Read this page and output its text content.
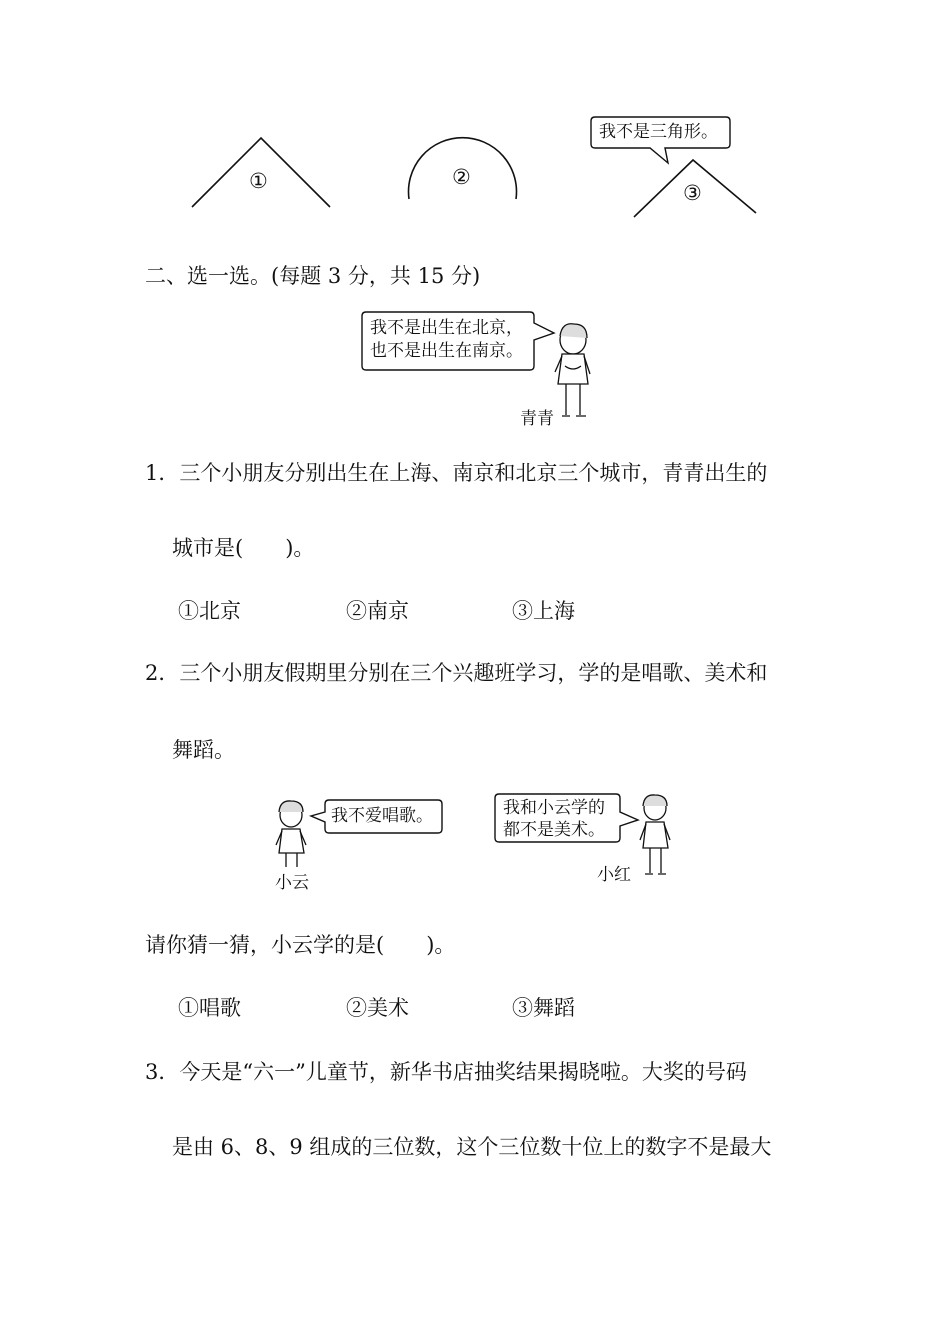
①	②
③
我不是三角形。
二、选一选。(每题 3 分，共 15 分)
我不是出生在北京，
也不是出生在南京。
青青
1．三个小朋友分别出生在上海、南京和北京三个城市，青青出生的
城市是(　　)。
①北京	②南京	③上海
2．三个小朋友假期里分别在三个兴趣班学习，学的是唱歌、美术和
舞蹈。
我不爱唱歌。
小云
我和小云学的
都不是美术。
小红
请你猜一猜，小云学的是(　　)。
①唱歌	②美术	③舞蹈
3．今天是“六一”儿童节，新华书店抽奖结果揭晓啦。大奖的号码
是由 6、8、9 组成的三位数，这个三位数十位上的数字不是最大
